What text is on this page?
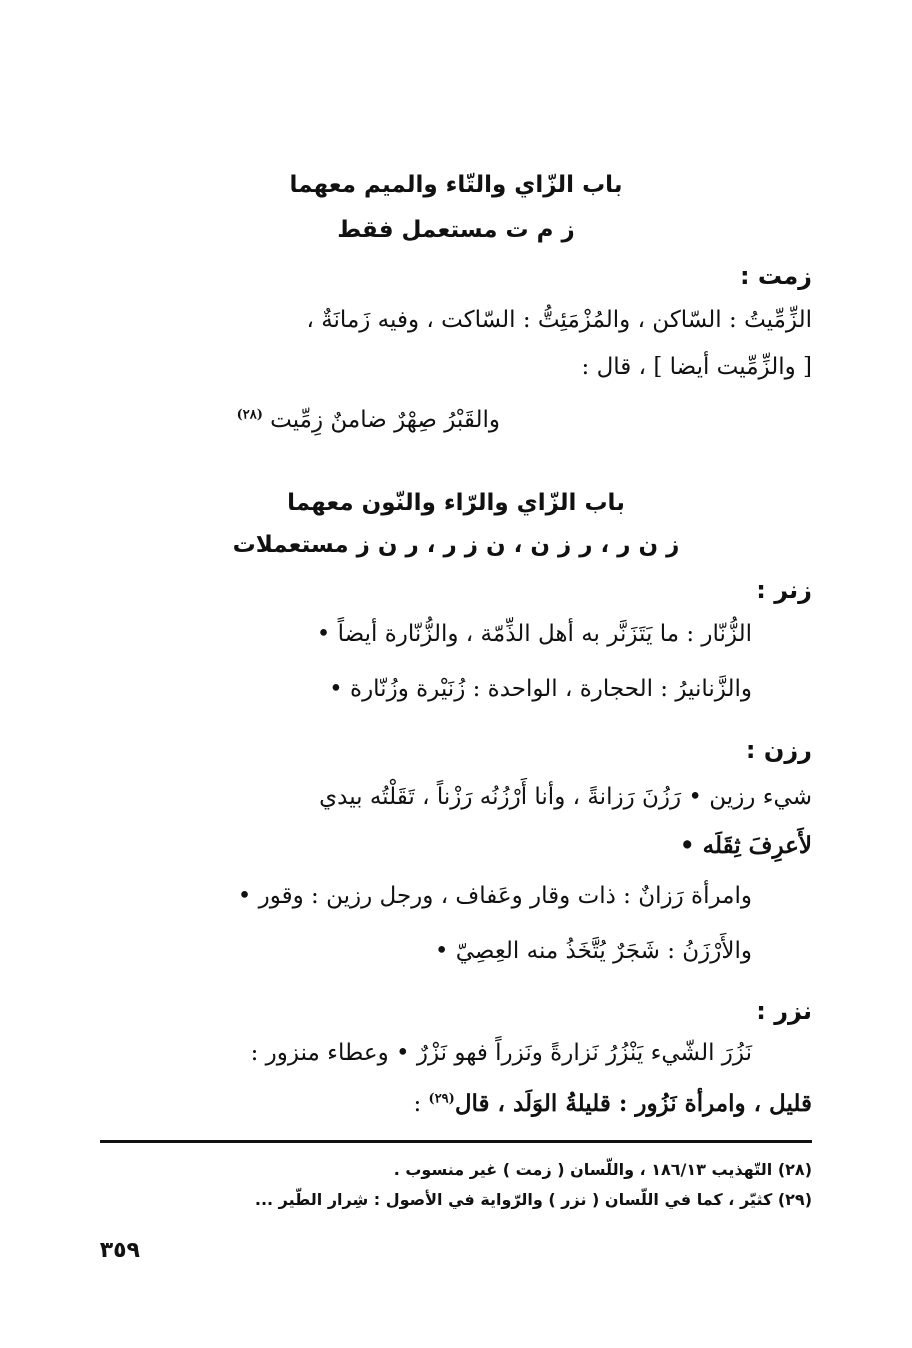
باب الزّاي والتّاء والميم معهما
ز م ت مستعمل فقط
زمت :
الزِّمِّيتُ : السّاكن ، والمُزْمَئِتُّ : السّاكت ، وفيه زَمانَةٌ ،
[ والزِّمِّيت أيضا ] ، قال :
والقَبْرُ صِهْرٌ ضامنٌ زِمِّيت $^{(٢٨)}$
باب الزّاي والرّاء والنّون معهما
ز ن ر ، ر ز ن ، ن ز ر ، ر ن ز مستعملات
زنر :
الزُّنّار : ما يَتَزَنَّر به أهل الذِّمّة ، والزُّنّارة أيضاً •
والزَّنانيرُ : الحجارة ، الواحدة : زُنَيْرة وزُنّارة •
رزن :
شيء رزين • رَزُنَ رَزانةً ، وأنا أَرْزُنُه رَزْناً ، تَقَلْتُه بيدي
لأَعرِفَ ثِقَلَه •
وامرأة رَزانٌ : ذات وقار وعَفاف ، ورجل رزين : وقور •
والأَرْزَنُ : شَجَرٌ يُتَّخَذُ منه العِصِيّ •
نزر :
نَزُرَ الشّيء يَنْزُرُ نَزارةً ونَزراً فهو نَزْرٌ • وعطاء منزور :
قليل ، وامرأة نَزُور : قليلةُ الوَلَد ، قال$^{(٢٩)}$ :
(٢٨) التّهذيب ١٨٦/١٣ ، واللّسان ( زمت ) غير منسوب .
(٢٩) كثيّر ، كما في اللّسان ( نزر ) والرّواية في الأصول : شِرار الطّير ...
٣٥٩
